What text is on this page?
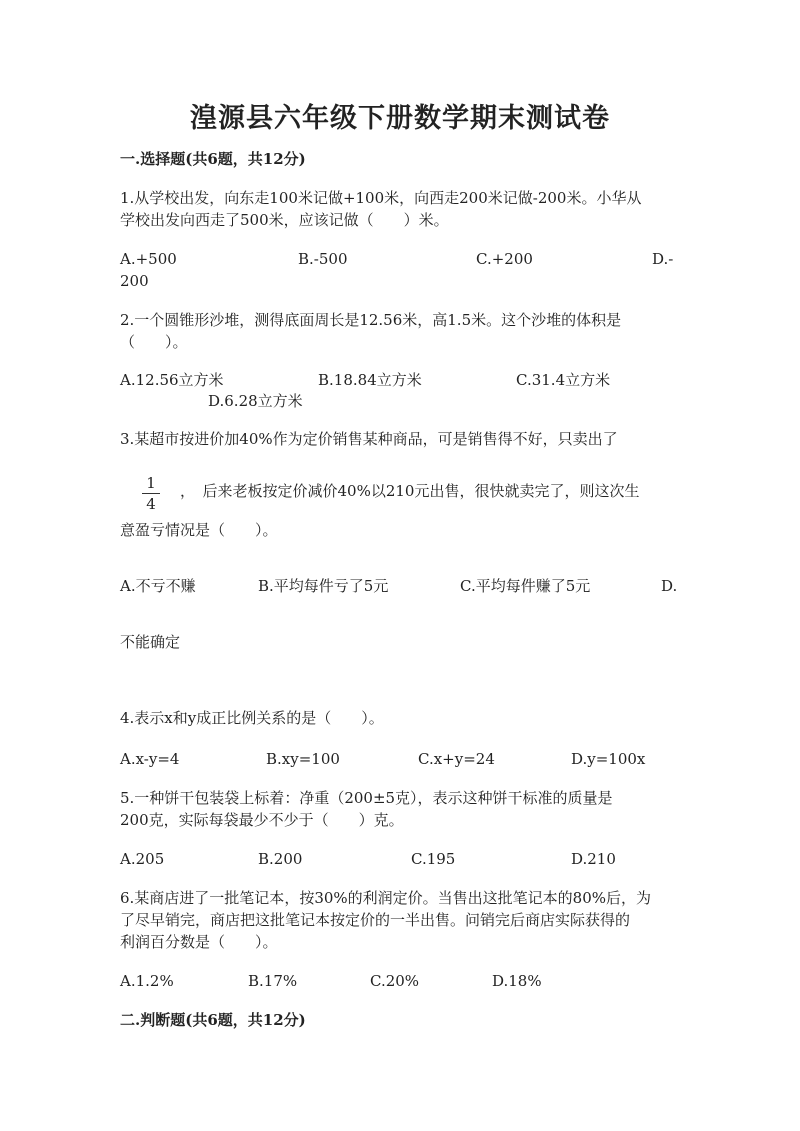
湟源县六年级下册数学期末测试卷
一.选择题(共6题，共12分)
1.从学校出发，向东走100米记做+100米，向西走200米记做-200米。小华从
学校出发向西走了500米，应该记做（　　）米。
A.+500	B.-500	C.+200	D.-
200
2.一个圆锥形沙堆，测得底面周长是12.56米，高1.5米。这个沙堆的体积是
（　　）。
A.12.56立方米	B.18.84立方米	C.31.4立方米
D.6.28立方米
3.某超市按进价加40%作为定价销售某种商品，可是销售得不好，只卖出了
1
4
，　后来老板按定价减价40%以210元出售，很快就卖完了，则这次生
意盈亏情况是（　　）。
A.不亏不赚	B.平均每件亏了5元	C.平均每件赚了5元	D.
不能确定
4.表示x和y成正比例关系的是（　　）。
A.x-y=4	B.xy=100	C.x+y=24	D.y=100x
5.一种饼干包装袋上标着：净重（200±5克），表示这种饼干标准的质量是
200克，实际每袋最少不少于（　　）克。
A.205	B.200	C.195	D.210
6.某商店进了一批笔记本，按30%的利润定价。当售出这批笔记本的80%后，为
了尽早销完，商店把这批笔记本按定价的一半出售。问销完后商店实际获得的
利润百分数是（　　）。
A.1.2%	B.17%	C.20%	D.18%
二.判断题(共6题，共12分)
